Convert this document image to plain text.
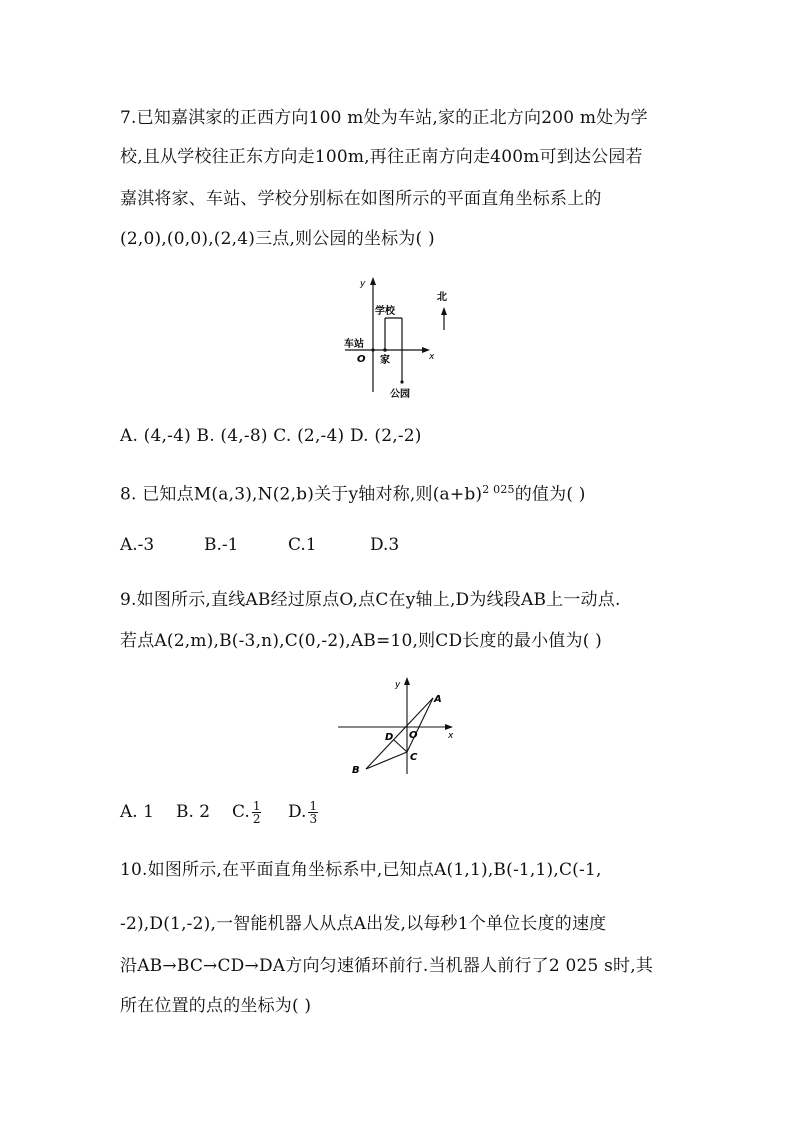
7.已知嘉淇家的正西方向100 m处为车站,家的正北方向200 m处为学
校,且从学校往正东方向走100m,再往正南方向走400m可到达公园若
嘉淇将家、车站、学校分别标在如图所示的平面直角坐标系上的
(2,0),(0,0),(2,4)三点,则公园的坐标为( )
y
x
O
车站
家
学校
公园
北
A. (4,-4) B. (4,-8) C. (2,-4) D. (2,-2)
8. 已知点M(a,3),N(2,b)关于y轴对称,则$(a+b)^{2 025}$的值为( )
A.-3	B.-1	C.1	D.3
9.如图所示,直线AB经过原点O,点C在y轴上,D为线段AB上一动点.
若点A(2,m),B(-3,n),C(0,-2),AB=10,则CD长度的最小值为( )
y
x
A
B
C
D O
A. 1 B. 2 C. $\frac{1}{2} D$. $\frac{1}{3}$
10.如图所示,在平面直角坐标系中,已知点A(1,1),B(-1,1),C(-1,
-2),D(1,-2),一智能机器人从点A出发,以每秒1个单位长度的速度
沿AB→BC→CD→DA方向匀速循环前行.当机器人前行了2 025 s时,其
所在位置的点的坐标为( )
